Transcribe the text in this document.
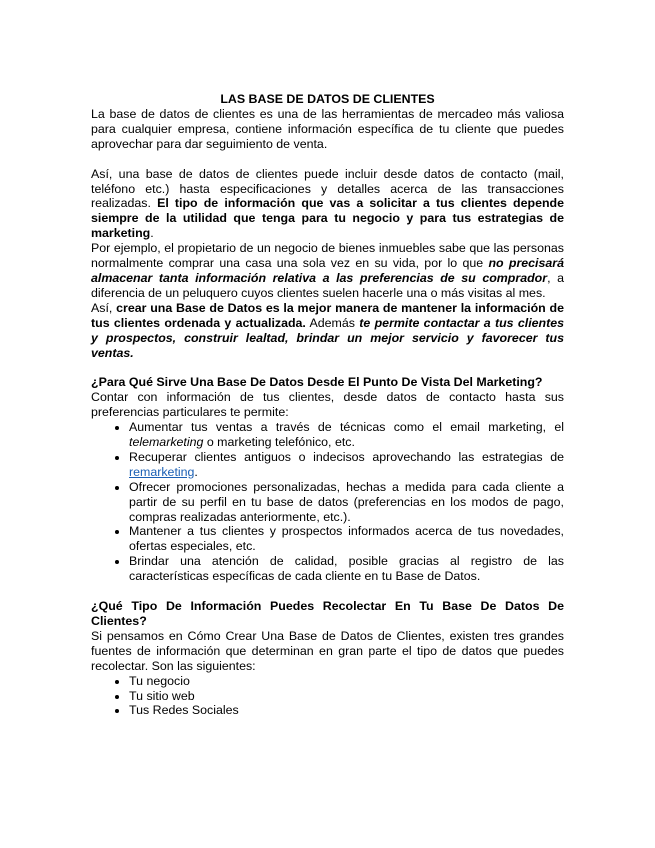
LAS BASE DE DATOS DE CLIENTES

La base de datos de clientes es una de las herramientas de mercadeo más valiosa para cualquier empresa, contiene información específica de tu cliente que puedes aprovechar para dar seguimiento de venta.

Así, una base de datos de clientes puede incluir desde datos de contacto (mail, teléfono etc.) hasta especificaciones y detalles acerca de las transacciones realizadas. El tipo de información que vas a solicitar a tus clientes depende siempre de la utilidad que tenga para tu negocio y para tus estrategias de marketing.

Por ejemplo, el propietario de un negocio de bienes inmuebles sabe que las personas normalmente comprar una casa una sola vez en su vida, por lo que no precisará almacenar tanta información relativa a las preferencias de su comprador, a diferencia de un peluquero cuyos clientes suelen hacerle una o más visitas al mes.

Así, crear una Base de Datos es la mejor manera de mantener la información de tus clientes ordenada y actualizada. Además te permite contactar a tus clientes y prospectos, construir lealtad, brindar un mejor servicio y favorecer tus ventas.

¿Para Qué Sirve Una Base De Datos Desde El Punto De Vista Del Marketing?

Contar con información de tus clientes, desde datos de contacto hasta sus preferencias particulares te permite:

• Aumentar tus ventas a través de técnicas como el email marketing, el telemarketing o marketing telefónico, etc.
• Recuperar clientes antiguos o indecisos aprovechando las estrategias de remarketing.
• Ofrecer promociones personalizadas, hechas a medida para cada cliente a partir de su perfil en tu base de datos (preferencias en los modos de pago, compras realizadas anteriormente, etc.).
• Mantener a tus clientes y prospectos informados acerca de tus novedades, ofertas especiales, etc.
• Brindar una atención de calidad, posible gracias al registro de las características específicas de cada cliente en tu Base de Datos.

¿Qué Tipo De Información Puedes Recolectar En Tu Base De Datos De Clientes?

Si pensamos en Cómo Crear Una Base de Datos de Clientes, existen tres grandes fuentes de información que determinan en gran parte el tipo de datos que puedes recolectar. Son las siguientes:

• Tu negocio
• Tu sitio web
• Tus Redes Sociales
